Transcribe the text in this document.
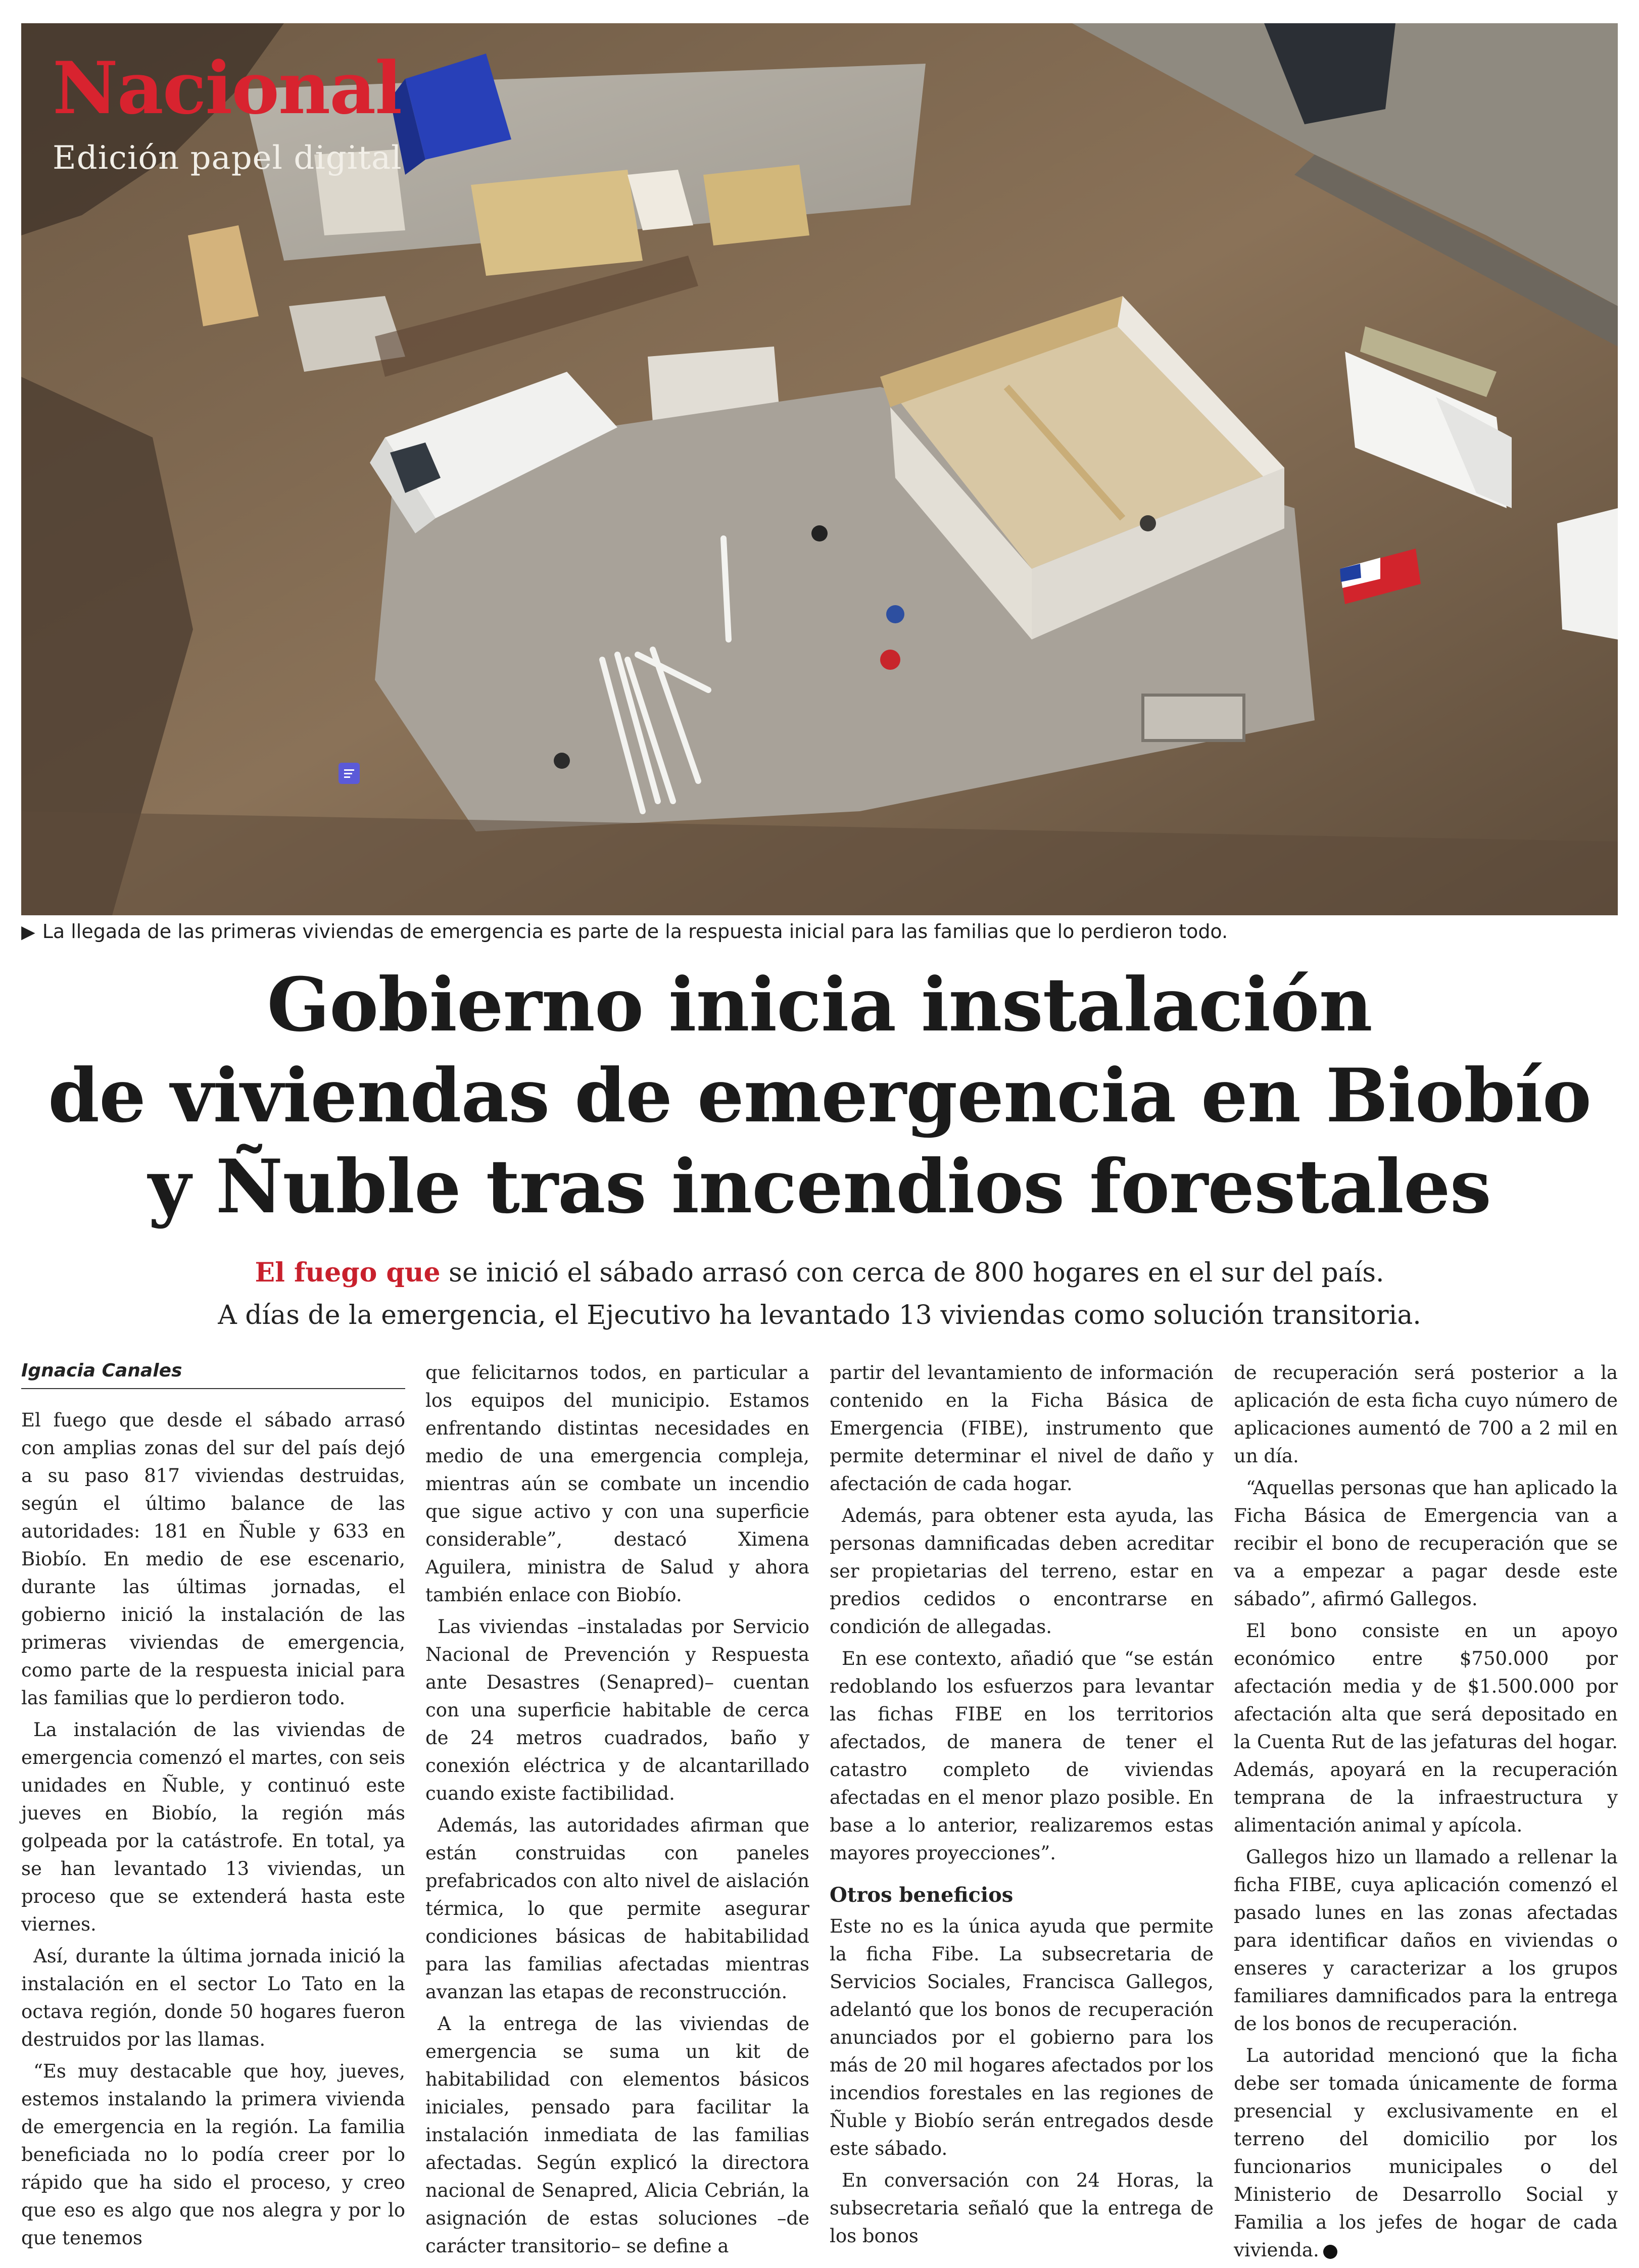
Nacional
Edición papel digital
▶ La llegada de las primeras viviendas de emergencia es parte de la respuesta inicial para las familias que lo perdieron todo.
Gobierno inicia instalación
de viviendas de emergencia en Biobío
y Ñuble tras incendios forestales
El fuego que se inició el sábado arrasó con cerca de 800 hogares en el sur del país.
A días de la emergencia, el Ejecutivo ha levantado 13 viviendas como solución transitoria.
Ignacia Canales

El fuego que desde el sábado arrasó con amplias zonas del sur del país dejó a su paso 817 viviendas destruidas, según el último balance de las autoridades: 181 en Ñuble y 633 en Biobío. En medio de ese escenario, durante las últimas jornadas, el gobierno inició la instalación de las primeras viviendas de emergencia, como parte de la respuesta inicial para las familias que lo perdieron todo.

La instalación de las viviendas de emergencia comenzó el martes, con seis unidades en Ñuble, y continuó este jueves en Biobío, la región más golpeada por la catástrofe. En total, ya se han levantado 13 viviendas, un proceso que se extenderá hasta este viernes.

Así, durante la última jornada inició la instalación en el sector Lo Tato en la octava región, donde 50 hogares fueron destruidos por las llamas.

“Es muy destacable que hoy, jueves, estemos instalando la primera vivienda de emergencia en la región. La familia beneficiada no lo podía creer por lo rápido que ha sido el proceso, y creo que eso es algo que nos alegra y por lo que tenemos

que felicitarnos todos, en particular a los equipos del municipio. Estamos enfrentando distintas necesidades en medio de una emergencia compleja, mientras aún se combate un incendio que sigue activo y con una superficie considerable”, destacó Ximena Aguilera, ministra de Salud y ahora también enlace con Biobío.

Las viviendas –instaladas por Servicio Nacional de Prevención y Respuesta ante Desastres (Senapred)– cuentan con una superficie habitable de cerca de 24 metros cuadrados, baño y conexión eléctrica y de alcantarillado cuando existe factibilidad.

Además, las autoridades afirman que están construidas con paneles prefabricados con alto nivel de aislación térmica, lo que permite asegurar condiciones básicas de habitabilidad para las familias afectadas mientras avanzan las etapas de reconstrucción.

A la entrega de las viviendas de emergencia se suma un kit de habitabilidad con elementos básicos iniciales, pensado para facilitar la instalación inmediata de las familias afectadas. Según explicó la directora nacional de Senapred, Alicia Cebrián, la asignación de estas soluciones –de carácter transitorio– se define a

partir del levantamiento de información contenido en la Ficha Básica de Emergencia (FIBE), instrumento que permite determinar el nivel de daño y afectación de cada hogar.

Además, para obtener esta ayuda, las personas damnificadas deben acreditar ser propietarias del terreno, estar en predios cedidos o encontrarse en condición de allegadas.

En ese contexto, añadió que “se están redoblando los esfuerzos para levantar las fichas FIBE en los territorios afectados, de manera de tener el catastro completo de viviendas afectadas en el menor plazo posible. En base a lo anterior, realizaremos estas mayores proyecciones”.

Otros beneficios

Este no es la única ayuda que permite la ficha Fibe. La subsecretaria de Servicios Sociales, Francisca Gallegos, adelantó que los bonos de recuperación anunciados por el gobierno para los más de 20 mil hogares afectados por los incendios forestales en las regiones de Ñuble y Biobío serán entregados desde este sábado.

En conversación con 24 Horas, la subsecretaria señaló que la entrega de los bonos

de recuperación será posterior a la aplicación de esta ficha cuyo número de aplicaciones aumentó de 700 a 2 mil en un día.

“Aquellas personas que han aplicado la Ficha Básica de Emergencia van a recibir el bono de recuperación que se va a empezar a pagar desde este sábado”, afirmó Gallegos.

El bono consiste en un apoyo económico entre $750.000 por afectación media y de $1.500.000 por afectación alta que será depositado en la Cuenta Rut de las jefaturas del hogar. Además, apoyará en la recuperación temprana de la infraestructura y alimentación animal y apícola.

Gallegos hizo un llamado a rellenar la ficha FIBE, cuya aplicación comenzó el pasado lunes en las zonas afectadas para identificar daños en viviendas o enseres y caracterizar a los grupos familiares damnificados para la entrega de los bonos de recuperación.

La autoridad mencionó que la ficha debe ser tomada únicamente de forma presencial y exclusivamente en el terreno del domicilio por los funcionarios municipales o del Ministerio de Desarrollo Social y Familia a los jefes de hogar de cada vivienda.
